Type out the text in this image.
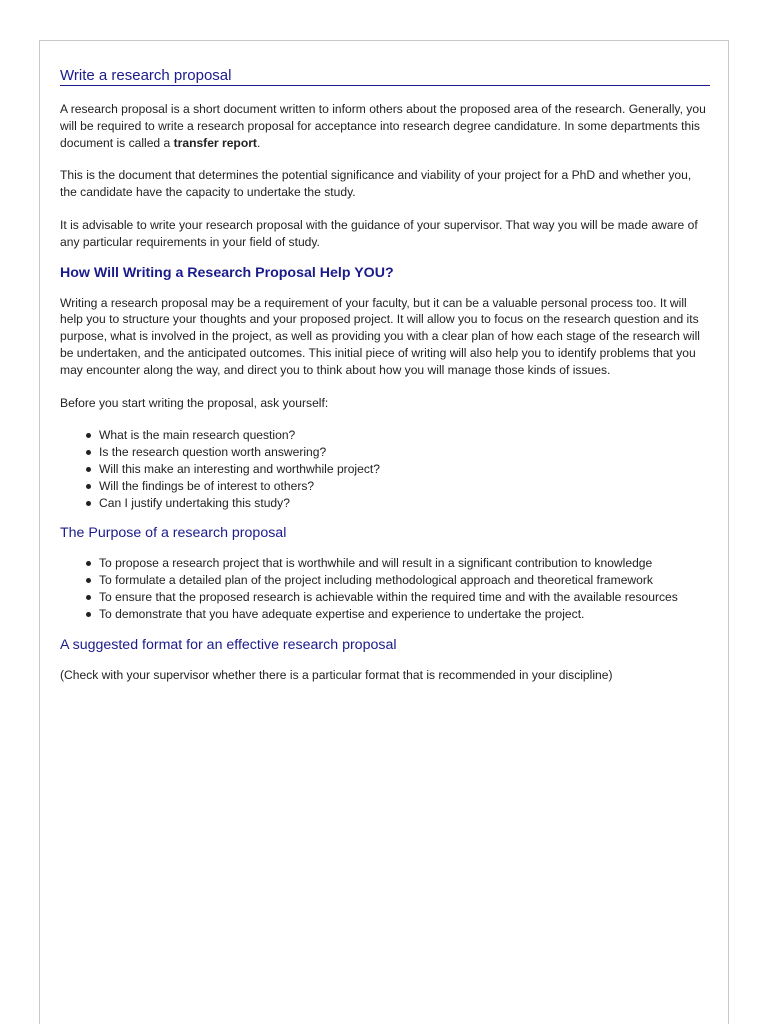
Write a research proposal

A research proposal is a short document written to inform others about the proposed area of the research. Generally, you will be required to write a research proposal for acceptance into research degree candidature. In some departments this document is called a transfer report.

This is the document that determines the potential significance and viability of your project for a PhD and whether you, the candidate have the capacity to undertake the study.

It is advisable to write your research proposal with the guidance of your supervisor. That way you will be made aware of any particular requirements in your field of study.

How Will Writing a Research Proposal Help YOU?

Writing a research proposal may be a requirement of your faculty, but it can be a valuable personal process too. It will help you to structure your thoughts and your proposed project. It will allow you to focus on the research question and its purpose, what is involved in the project, as well as providing you with a clear plan of how each stage of the research will be undertaken, and the anticipated outcomes. This initial piece of writing will also help you to identify problems that you may encounter along the way, and direct you to think about how you will manage those kinds of issues.

Before you start writing the proposal, ask yourself:

What is the main research question?
Is the research question worth answering?
Will this make an interesting and worthwhile project?
Will the findings be of interest to others?
Can I justify undertaking this study?
The Purpose of a research proposal
To propose a research project that is worthwhile and will result in a significant contribution to knowledge
To formulate a detailed plan of the project including methodological approach and theoretical framework
To ensure that the proposed research is achievable within the required time and with the available resources
To demonstrate that you have adequate expertise and experience to undertake the project.
A suggested format for an effective research proposal

(Check with your supervisor whether there is a particular format that is recommended in your discipline)
